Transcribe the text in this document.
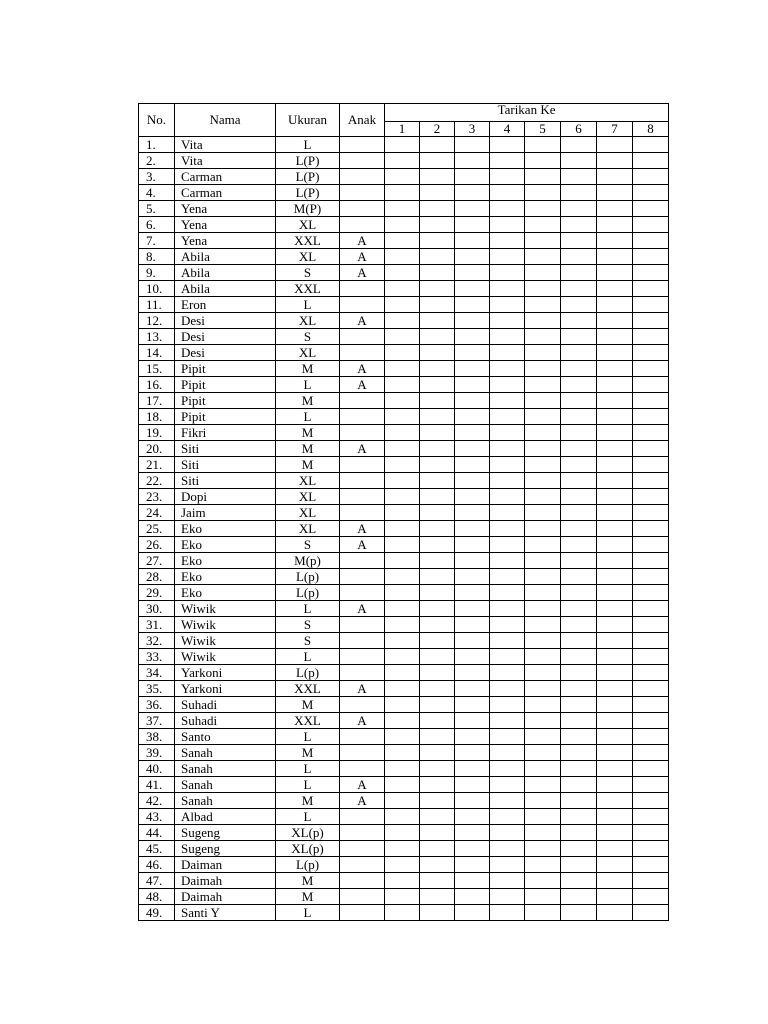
No.	Nama	Ukuran	Anak	Tarikan Ke							
				1	2	3	4	5	6	7	8
1.	Vita	L									
2.	Vita	L(P)									
3.	Carman	L(P)									
4.	Carman	L(P)									
5.	Yena	M(P)									
6.	Yena	XL									
7.	Yena	XXL	A								
8.	Abila	XL	A								
9.	Abila	S	A								
10.	Abila	XXL									
11.	Eron	L									
12.	Desi	XL	A								
13.	Desi	S									
14.	Desi	XL									
15.	Pipit	M	A								
16.	Pipit	L	A								
17.	Pipit	M									
18.	Pipit	L									
19.	Fikri	M									
20.	Siti	M	A								
21.	Siti	M									
22.	Siti	XL									
23.	Dopi	XL									
24.	Jaim	XL									
25.	Eko	XL	A								
26.	Eko	S	A								
27.	Eko	M(p)									
28.	Eko	L(p)									
29.	Eko	L(p)									
30.	Wiwik	L	A								
31.	Wiwik	S									
32.	Wiwik	S									
33.	Wiwik	L									
34.	Yarkoni	L(p)									
35.	Yarkoni	XXL	A								
36.	Suhadi	M									
37.	Suhadi	XXL	A								
38.	Santo	L									
39.	Sanah	M									
40.	Sanah	L									
41.	Sanah	L	A								
42.	Sanah	M	A								
43.	Albad	L									
44.	Sugeng	XL(p)									
45.	Sugeng	XL(p)									
46.	Daiman	L(p)									
47.	Daimah	M									
48.	Daimah	M									
49.	Santi Y	L									
